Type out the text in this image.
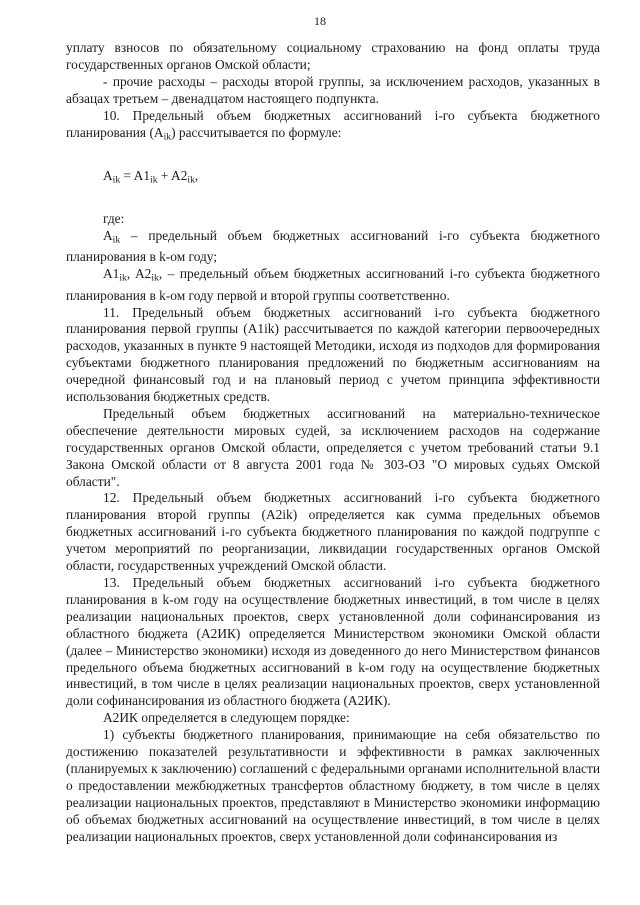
18

уплату взносов по обязательному социальному страхованию на фонд оплаты труда государственных органов Омской области;

- прочие расходы – расходы второй группы, за исключением расходов, указанных в абзацах третьем – двенадцатом настоящего подпункта.

10. Предельный объем бюджетных ассигнований i-го субъекта бюджетного планирования $(A_{ik})$ рассчитывается по формуле:

$A_{ik} = A1_{ik} + A2_{ik}$,

где:

$A_{ik}$ – предельный объем бюджетных ассигнований i-го субъекта бюджетного планирования в k-ом году;

$A1_{ik}$, $A2_{ik}$, – предельный объем бюджетных ассигнований i-го субъекта бюджетного планирования в k-ом году первой и второй группы соответственно.

11. Предельный объем бюджетных ассигнований i-го субъекта бюджетного планирования первой группы (A1ik) рассчитывается по каждой категории первоочередных расходов, указанных в пункте 9 настоящей Методики, исходя из подходов для формирования субъектами бюджетного планирования предложений по бюджетным ассигнованиям на очередной финансовый год и на плановый период с учетом принципа эффективности использования бюджетных средств.

Предельный объем бюджетных ассигнований на материально-техническое обеспечение деятельности мировых судей, за исключением расходов на содержание государственных органов Омской области, определяется с учетом требований статьи 9.1 Закона Омской области от 8 августа 2001 года № 303-ОЗ "О мировых судьях Омской области".

12. Предельный объем бюджетных ассигнований i-го субъекта бюджетного планирования второй группы (A2ik) определяется как сумма предельных объемов бюджетных ассигнований i-го субъекта бюджетного планирования по каждой подгруппе с учетом мероприятий по реорганизации, ликвидации государственных органов Омской области, государственных учреждений Омской области.

13. Предельный объем бюджетных ассигнований i-го субъекта бюджетного планирования в k-ом году на осуществление бюджетных инвестиций, в том числе в целях реализации национальных проектов, сверх установленной доли софинансирования из областного бюджета (A2ИК) определяется Министерством экономики Омской области (далее – Министерство экономики) исходя из доведенного до него Министерством финансов предельного объема бюджетных ассигнований в k-ом году на осуществление бюджетных инвестиций, в том числе в целях реализации национальных проектов, сверх установленной доли софинансирования из областного бюджета (A2ИК).

A2ИК определяется в следующем порядке:

1) субъекты бюджетного планирования, принимающие на себя обязательство по достижению показателей результативности и эффективности в рамках заключенных (планируемых к заключению) соглашений с федеральными органами исполнительной власти о предоставлении межбюджетных трансфертов областному бюджету, в том числе в целях реализации национальных проектов, представляют в Министерство экономики информацию об объемах бюджетных ассигнований на осуществление инвестиций, в том числе в целях реализации национальных проектов, сверх установленной доли софинансирования из
